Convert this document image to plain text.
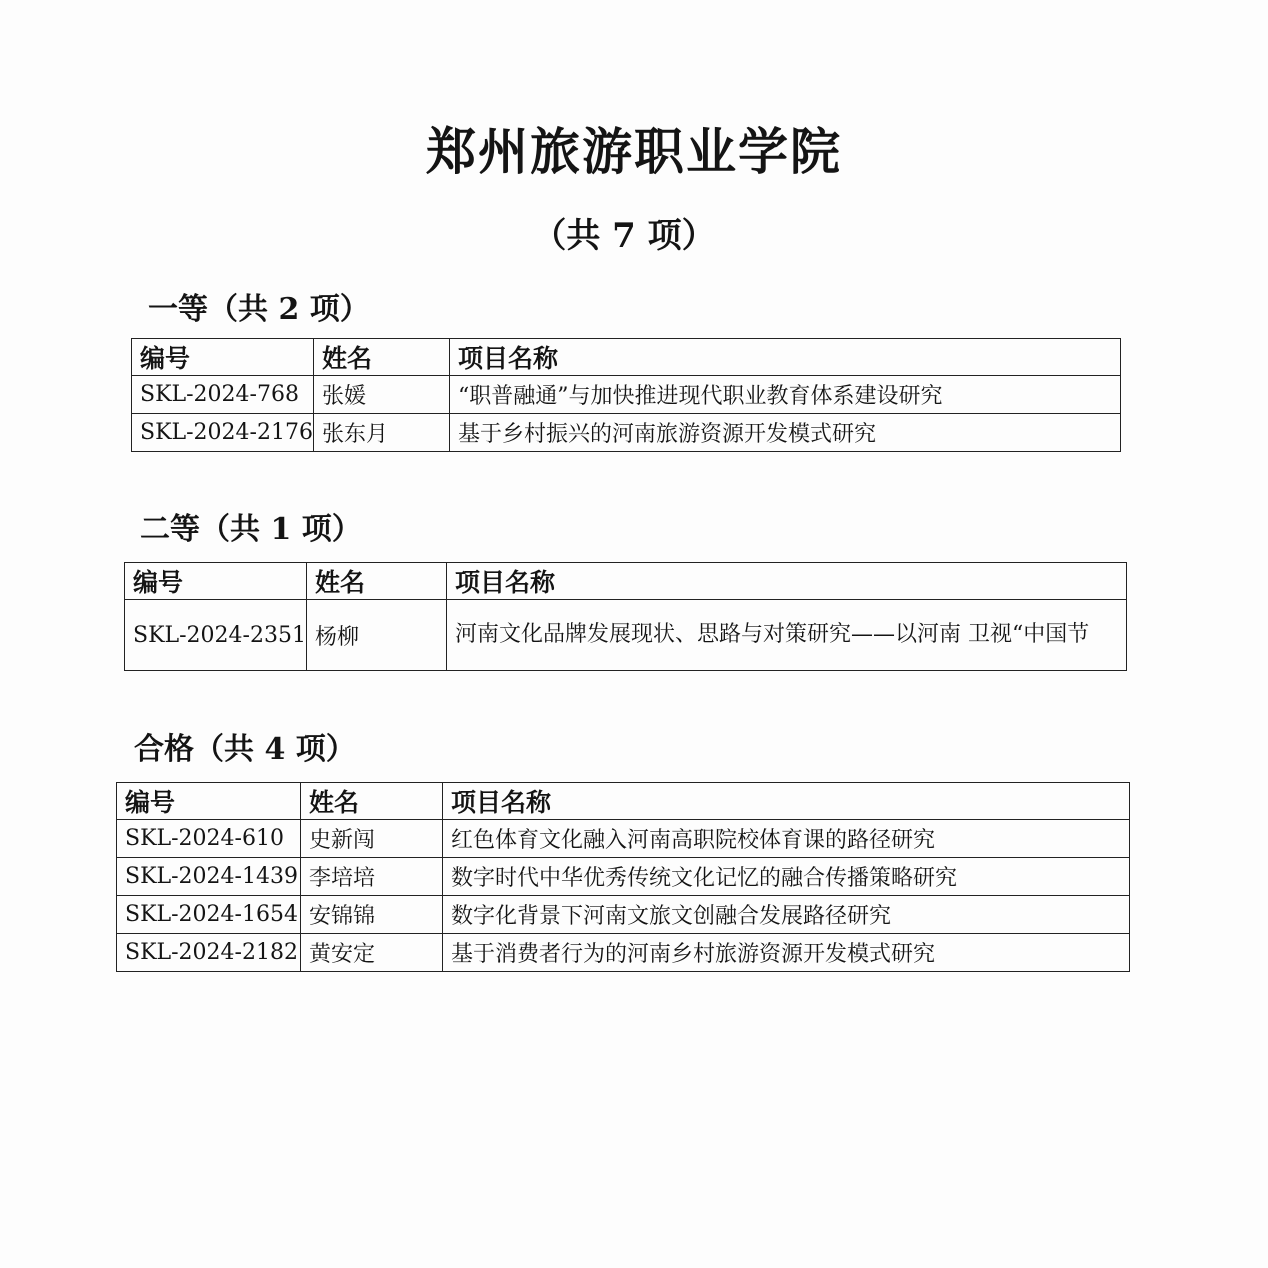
郑州旅游职业学院
（共 7 项）
一等（共 2 项）
编号	姓名	项目名称
SKL-2024-768	张媛	“职普融通”与加快推进现代职业教育体系建设研究
SKL-2024-2176	张东月	基于乡村振兴的河南旅游资源开发模式研究
二等（共 1 项）
编号	姓名	项目名称
SKL-2024-2351	杨柳	河南文化品牌发展现状、思路与对策研究——以河南 卫视“中国节
合格（共 4 项）
编号	姓名	项目名称
SKL-2024-610	史新闯	红色体育文化融入河南高职院校体育课的路径研究
SKL-2024-1439	李培培	数字时代中华优秀传统文化记忆的融合传播策略研究
SKL-2024-1654	安锦锦	数字化背景下河南文旅文创融合发展路径研究
SKL-2024-2182	黄安定	基于消费者行为的河南乡村旅游资源开发模式研究
